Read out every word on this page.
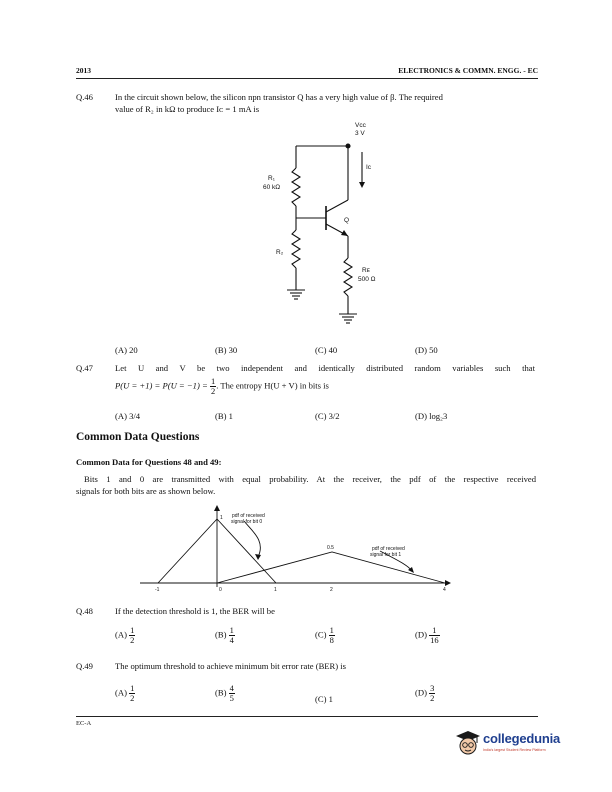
2013	ELECTRONICS & COMMN. ENGG. - EC
Q.46	In the circuit shown below, the silicon npn transistor Q has a very high value of β. The required
value of R₂ in kΩ to produce Iᴄ = 1 mA is
Vᴄᴄ
3 V
R₁
60 kΩ
R₂
Iᴄ
Q
Rᴇ
500 Ω
(A) 20	(B) 30	(C) 40	(D) 50
Q.47	Let U and V be two independent and identically distributed random variables such that
$P(U = +1) = P(U = -1) = \frac{1}{2}$ . The entropy H(U + V) in bits is
(A) 3/4	(B) 1	(C) 3/2	(D) log₂3
Common Data Questions
Common Data for Questions 48 and 49:
Bits 1 and 0 are transmitted with equal probability. At the receiver, the pdf of the respective received
signals for both bits are as shown below.
pdf of received
signal for bit 0
pdf of received
signal for bit 1
1
0.5
-1	0	1	2	4
Q.48	If the detection threshold is 1, the BER will be
$(A) \frac{1}{2}$	$(B) \frac{1}{4}$	$(C) \frac{1}{8}$	$(D) \frac{1}{16}$
Q.49	The optimum threshold to achieve minimum bit error rate (BER) is
$(A) \frac{1}{2}$	$(B) \frac{4}{5}$	(C) 1
$(D) \frac{3}{2}$
EC-A
collegedunia
India's largest Student Review Platform
